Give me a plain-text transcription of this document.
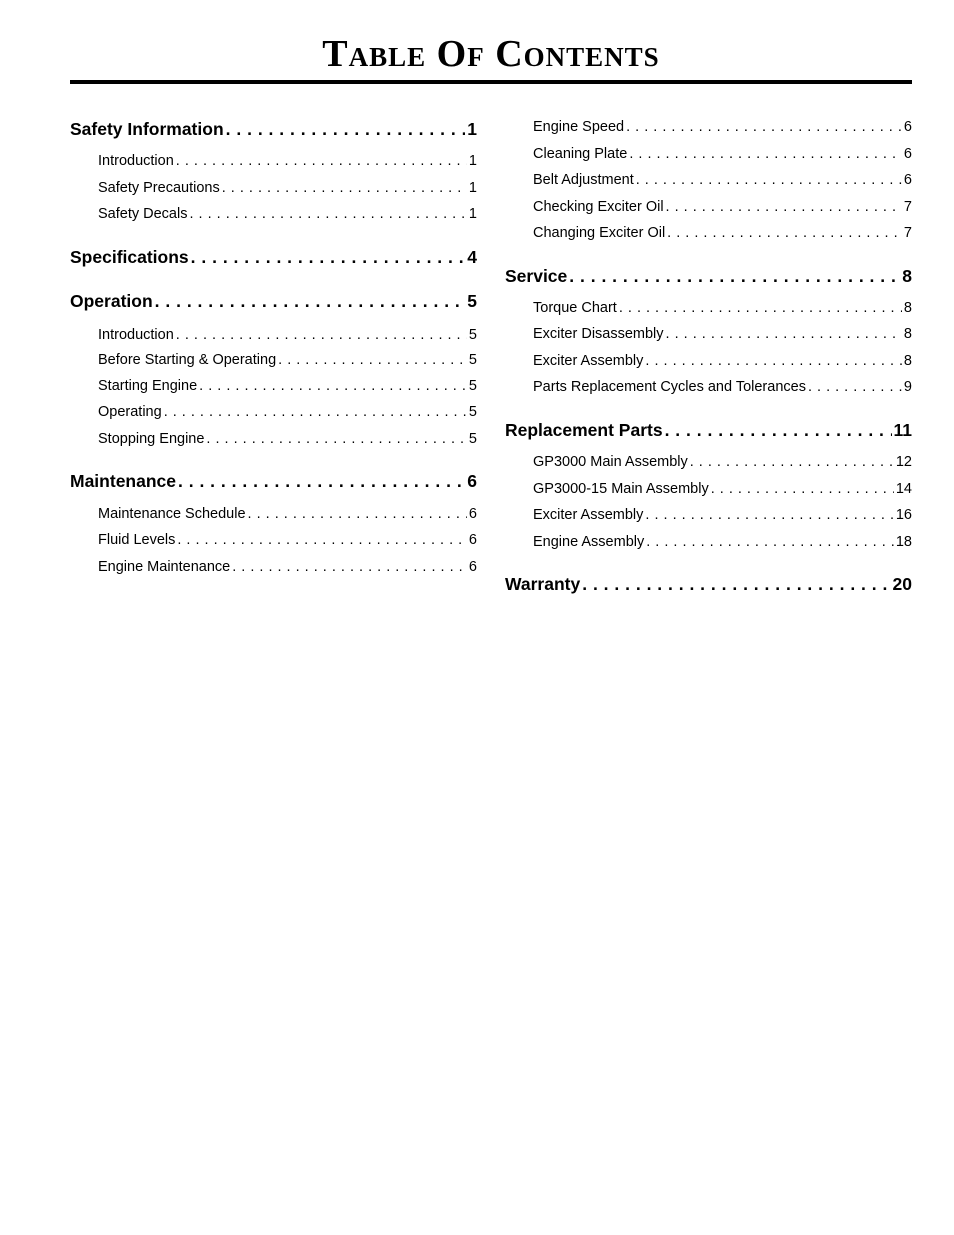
Table Of Contents
Safety Information . . .	1
Introduction . . .	1
Safety Precautions . . .	1
Safety Decals . . .	1
Specifications . . .	4
Operation . . .	5
Introduction . . .	5
Before Starting & Operating . . .	5
Starting Engine . . .	5
Operating . . .	5
Stopping Engine . . .	5
Maintenance . . .	6
Maintenance Schedule . . .	6
Fluid Levels . . .	6
Engine Maintenance . . .	6
Engine Speed . . .	6
Cleaning Plate . . .	6
Belt Adjustment . . .	6
Checking Exciter Oil . . .	7
Changing Exciter Oil . . .	7
Service . . .	8
Torque Chart . . .	8
Exciter Disassembly . . .	8
Exciter Assembly . . .	8
Parts Replacement Cycles and Tolerances . . .	9
Replacement Parts . . .	11
GP3000 Main Assembly . . .	12
GP3000-15 Main Assembly . . .	14
Exciter Assembly . . .	16
Engine Assembly . . .	18
Warranty . . .	20
